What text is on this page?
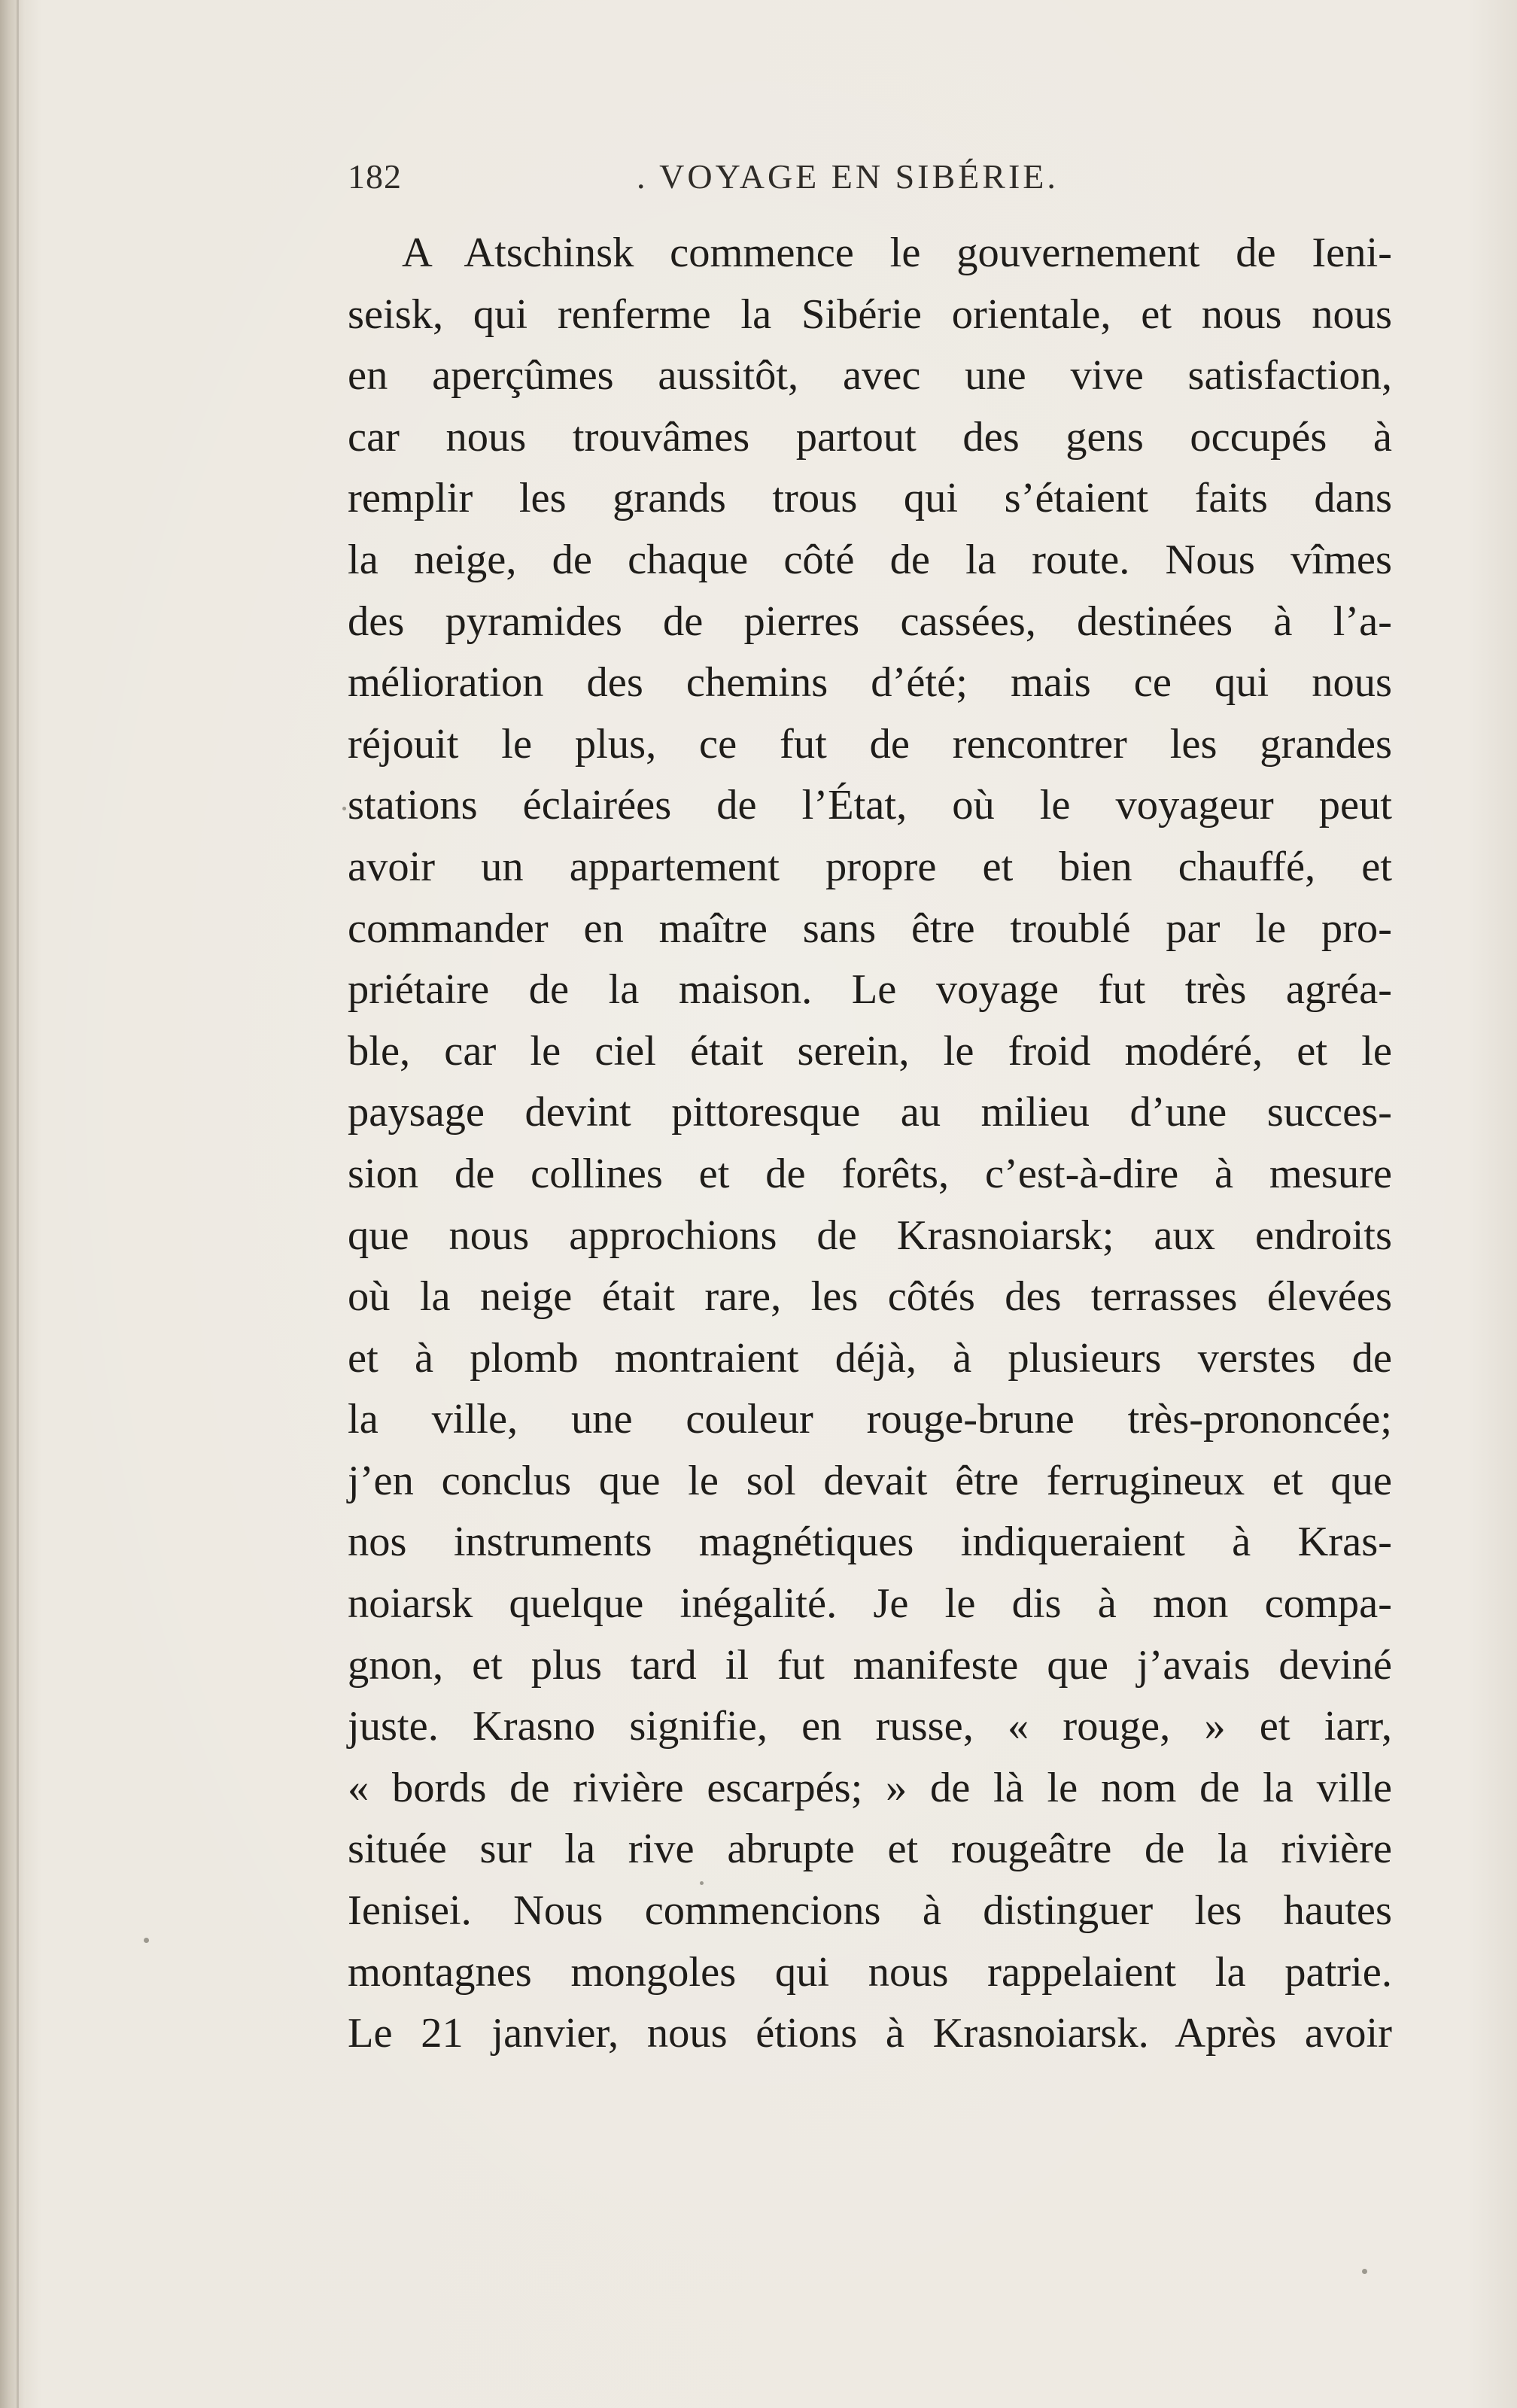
182	. VOYAGE EN SIBÉRIE.
A Atschinsk commence le gouvernement de Ieni-
seisk, qui renferme la Sibérie orientale, et nous nous
en aperçûmes aussitôt, avec une vive satisfaction,
car nous trouvâmes partout des gens occupés à
remplir les grands trous qui s’étaient faits dans
la neige, de chaque côté de la route. Nous vîmes
des pyramides de pierres cassées, destinées à l’a-
mélioration des chemins d’été; mais ce qui nous
réjouit le plus, ce fut de rencontrer les grandes
stations éclairées de l’État, où le voyageur peut
avoir un appartement propre et bien chauffé, et
commander en maître sans être troublé par le pro-
priétaire de la maison. Le voyage fut très agréa-
ble, car le ciel était serein, le froid modéré, et le
paysage devint pittoresque au milieu d’une succes-
sion de collines et de forêts, c’est-à-dire à mesure
que nous approchions de Krasnoiarsk; aux endroits
où la neige était rare, les côtés des terrasses élevées
et à plomb montraient déjà, à plusieurs verstes de
la ville, une couleur rouge-brune très-prononcée;
j’en conclus que le sol devait être ferrugineux et que
nos instruments magnétiques indiqueraient à Kras-
noiarsk quelque inégalité. Je le dis à mon compa-
gnon, et plus tard il fut manifeste que j’avais deviné
juste. Krasno signifie, en russe, « rouge, » et iarr,
« bords de rivière escarpés; » de là le nom de la ville
située sur la rive abrupte et rougeâtre de la rivière
Ienisei. Nous commencions à distinguer les hautes
montagnes mongoles qui nous rappelaient la patrie.
Le 21 janvier, nous étions à Krasnoiarsk. Après avoir
